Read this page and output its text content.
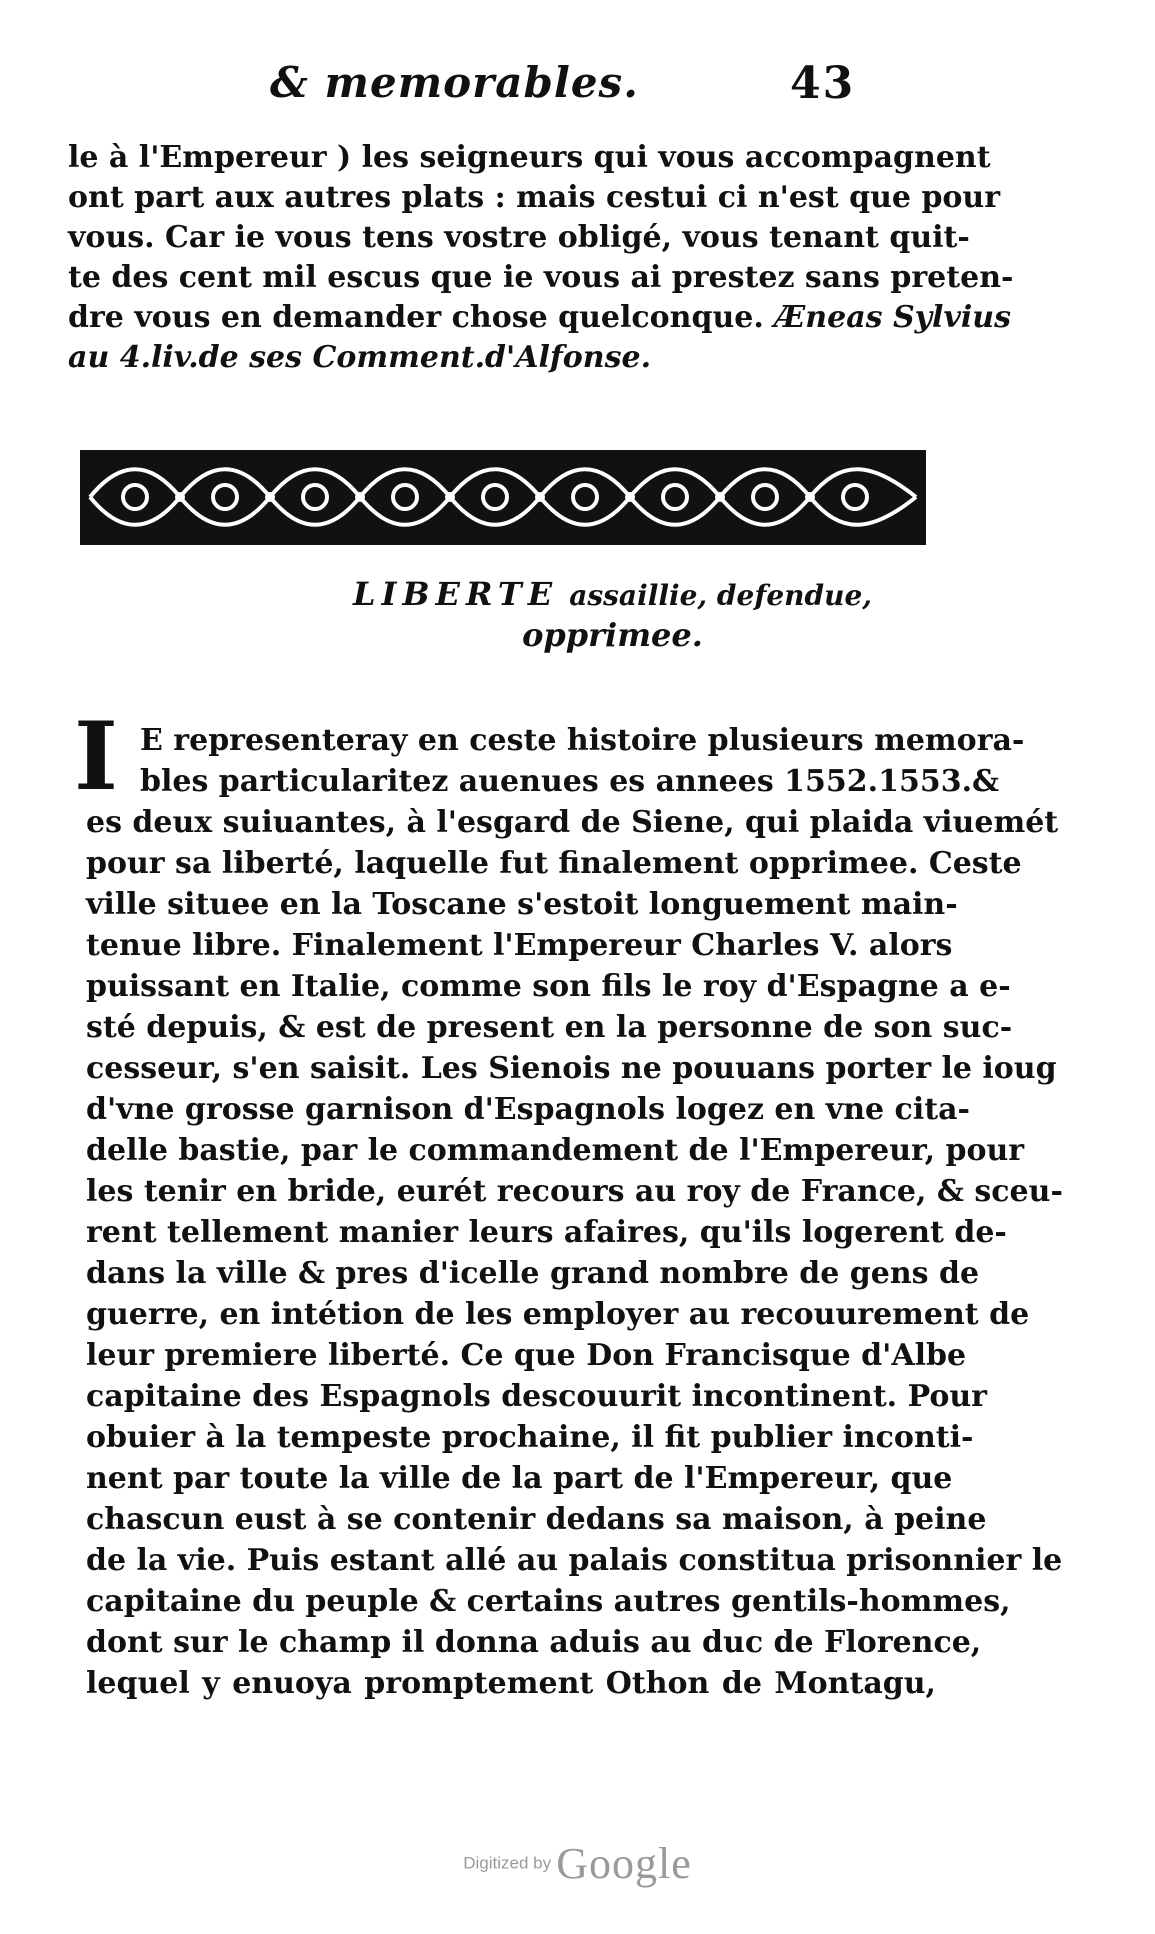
& memorables.	43
le à l'Empereur ) les seigneurs qui vous accompagnent
ont part aux autres plats : mais cestui ci n'est que pour
vous. Car ie vous tens vostre obligé, vous tenant quit-
te des cent mil escus que ie vous ai prestez sans preten-
dre vous en demander chose quelconque. Æneas Sylvius
au 4.liv.de ses Comment.d'Alfonse.
LIBERTE assaillie, defendue,
opprimee.
I E representeray en ceste histoire plusieurs memora-
bles particularitez auenues es annees 1552.1553.&
es deux suiuantes, à l'esgard de Siene, qui plaida viuemét
pour sa liberté, laquelle fut finalement opprimee. Ceste
ville situee en la Toscane s'estoit longuement main-
tenue libre. Finalement l'Empereur Charles V. alors
puissant en Italie, comme son fils le roy d'Espagne a e-
sté depuis, & est de present en la personne de son suc-
cesseur, s'en saisit. Les Sienois ne pouuans porter le ioug
d'vne grosse garnison d'Espagnols logez en vne cita-
delle bastie, par le commandement de l'Empereur, pour
les tenir en bride, eurét recours au roy de France, & sceu-
rent tellement manier leurs afaires, qu'ils logerent de-
dans la ville & pres d'icelle grand nombre de gens de
guerre, en intétion de les employer au recouurement de
leur premiere liberté. Ce que Don Francisque d'Albe
capitaine des Espagnols descouurit incontinent. Pour
obuier à la tempeste prochaine, il fit publier inconti-
nent par toute la ville de la part de l'Empereur, que
chascun eust à se contenir dedans sa maison, à peine
de la vie. Puis estant allé au palais constitua prisonnier le
capitaine du peuple & certains autres gentils-hommes,
dont sur le champ il donna aduis au duc de Florence,
lequel y enuoya promptement Othon de Montagu,
Digitized by Google
